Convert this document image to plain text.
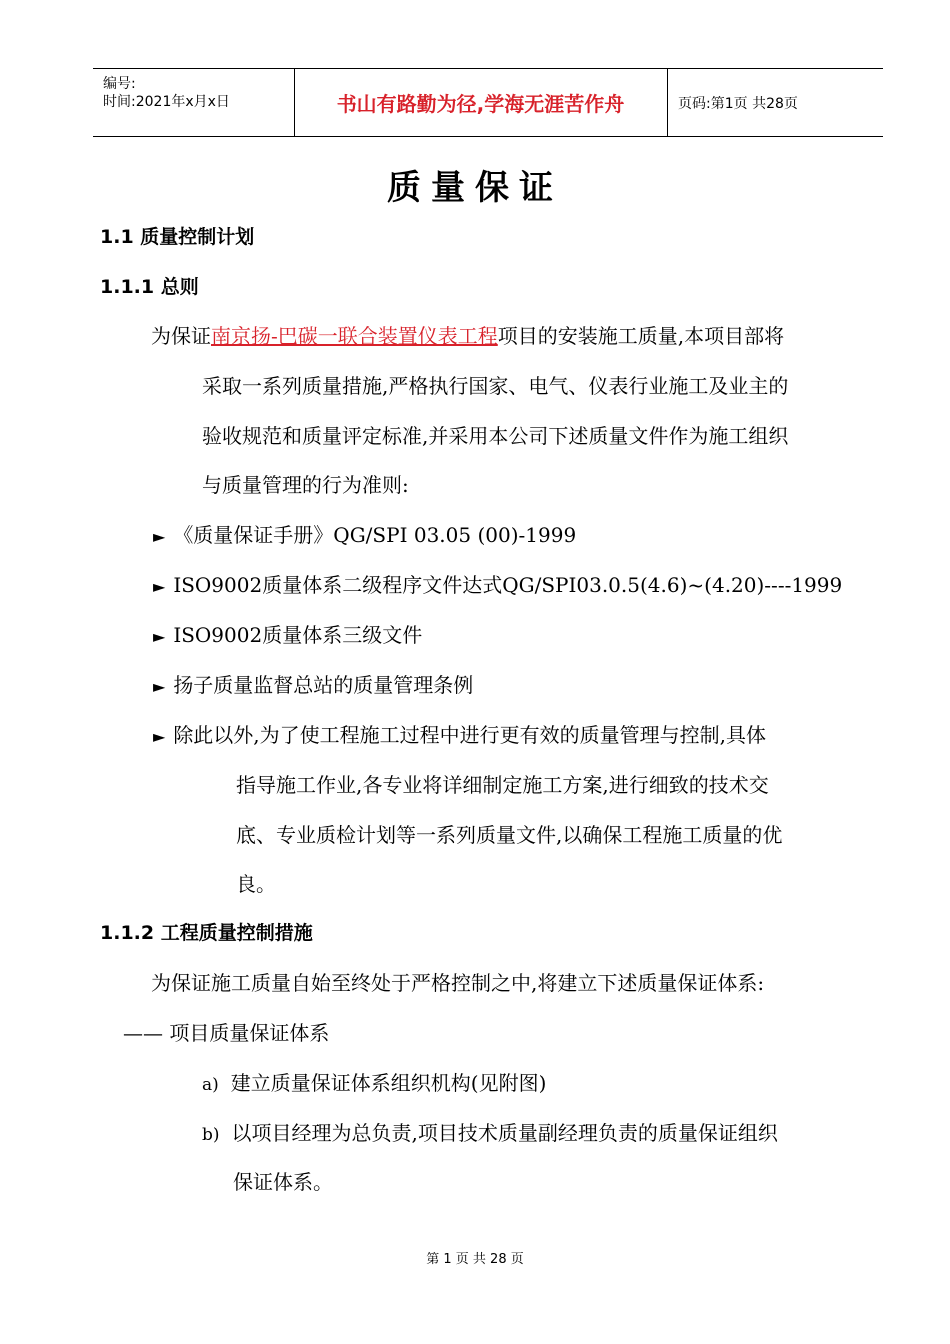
编号:
时间:2021年x月x日	书山有路勤为径,学海无涯苦作舟	页码:第1页 共28页
质量保证
1.1 质量控制计划
1.1.1 总则
为保证南京扬-巴碳一联合装置仪表工程项目的安装施工质量,本项目部将
采取一系列质量措施,严格执行国家、电气、仪表行业施工及业主的
验收规范和质量评定标准,并采用本公司下述质量文件作为施工组织
与质量管理的行为准则:
► 《质量保证手册》QG/SPI 03.05 (00)-1999
► ISO9002质量体系二级程序文件达式QG/SPI03.0.5(4.6)~(4.20)----1999
► ISO9002质量体系三级文件
► 扬子质量监督总站的质量管理条例
► 除此以外,为了使工程施工过程中进行更有效的质量管理与控制,具体
指导施工作业,各专业将详细制定施工方案,进行细致的技术交
底、专业质检计划等一系列质量文件,以确保工程施工质量的优
良。
1.1.2 工程质量控制措施
为保证施工质量自始至终处于严格控制之中,将建立下述质量保证体系:
—— 项目质量保证体系
a) 建立质量保证体系组织机构(见附图)
b) 以项目经理为总负责,项目技术质量副经理负责的质量保证组织
保证体系。
第 1 页 共 28 页
